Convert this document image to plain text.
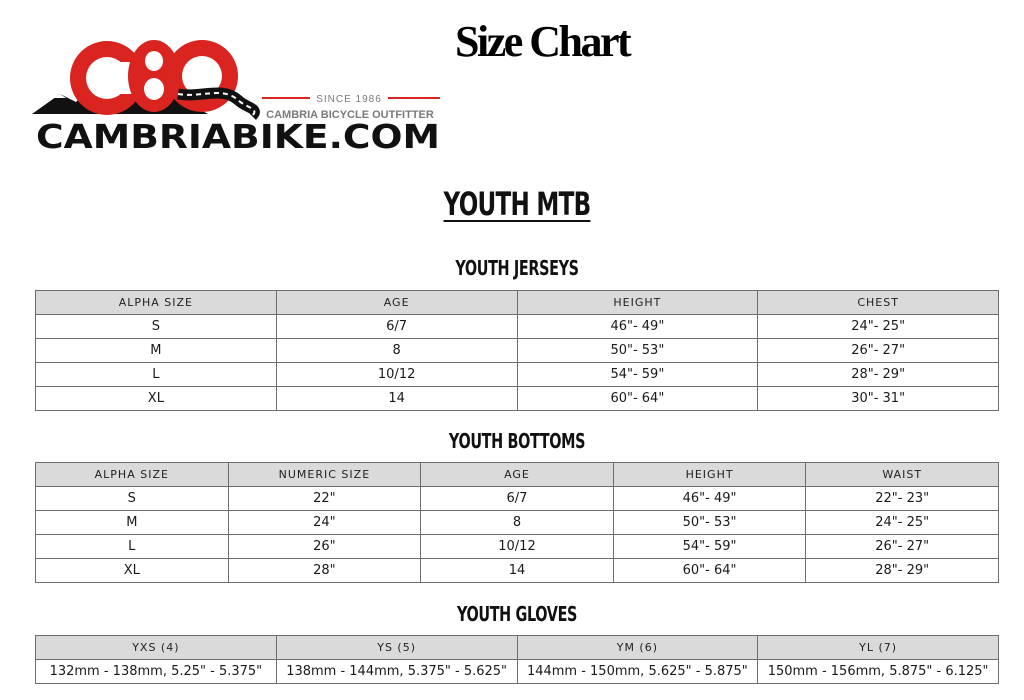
SINCE 1986
CAMBRIA BICYCLE OUTFITTER
CAMBRIABIKE.COM
Size Chart
YOUTH MTB
YOUTH JERSEYS
ALPHA SIZE	AGE	HEIGHT	CHEST
S	6/7	46"- 49"	24"- 25"
M	8	50"- 53"	26"- 27"
L	10/12	54"- 59"	28"- 29"
XL	14	60"- 64"	30"- 31"
YOUTH BOTTOMS
ALPHA SIZE	NUMERIC SIZE	AGE	HEIGHT	WAIST
S	22"	6/7	46"- 49"	22"- 23"
M	24"	8	50"- 53"	24"- 25"
L	26"	10/12	54"- 59"	26"- 27"
XL	28"	14	60"- 64"	28"- 29"
YOUTH GLOVES
YXS (4)	YS (5)	YM (6)	YL (7)
132mm - 138mm, 5.25" - 5.375"	138mm - 144mm, 5.375" - 5.625"	144mm - 150mm, 5.625" - 5.875"	150mm - 156mm, 5.875" - 6.125"
